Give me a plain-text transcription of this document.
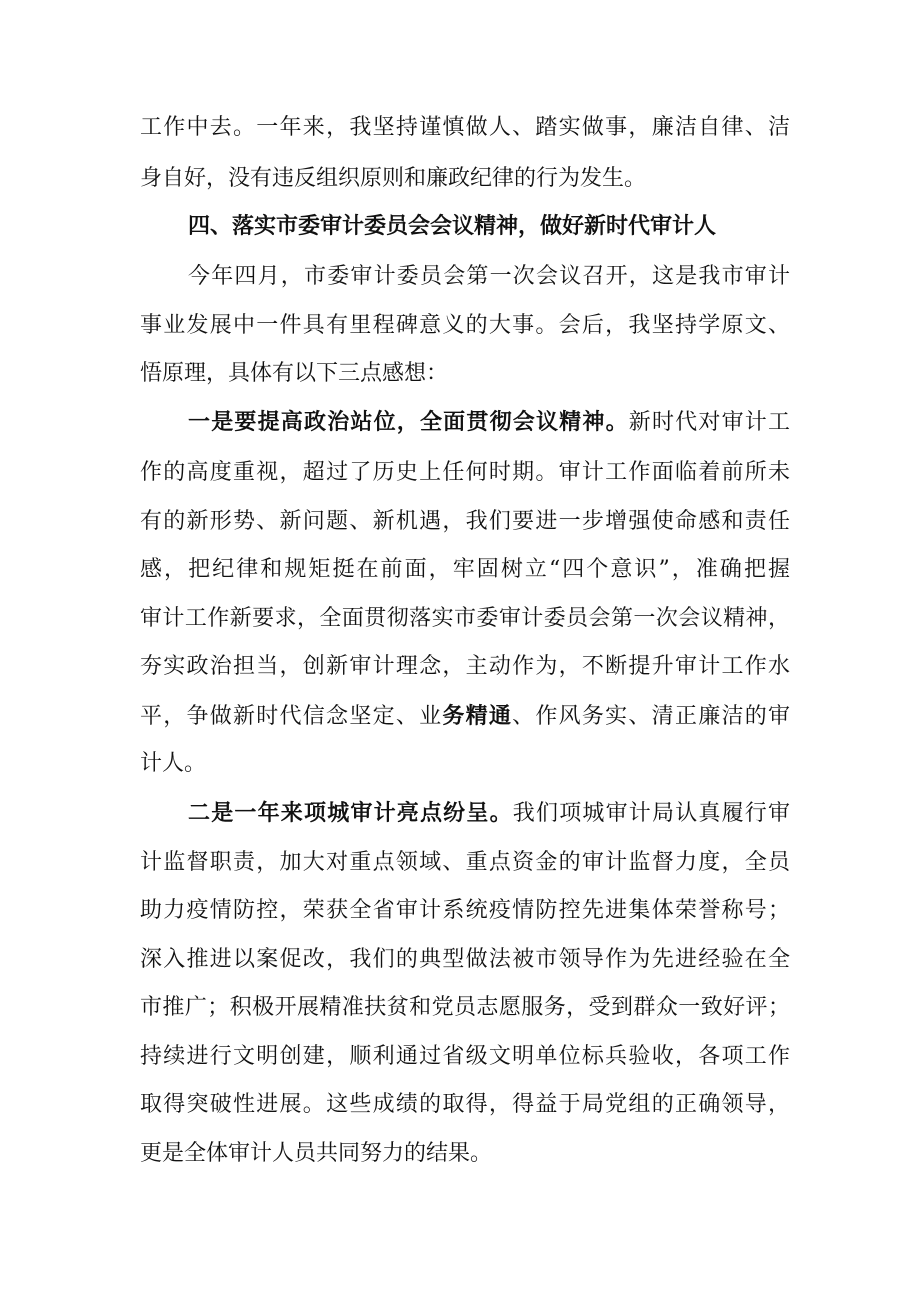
工作中去。一年来，我坚持谨慎做人、踏实做事，廉洁自律、洁
身自好，没有违反组织原则和廉政纪律的行为发生。
四、落实市委审计委员会会议精神，做好新时代审计人
今年四月，市委审计委员会第一次会议召开，这是我市审计
事业发展中一件具有里程碑意义的大事。会后，我坚持学原文、
悟原理，具体有以下三点感想：
一是要提高政治站位，全面贯彻会议精神。新时代对审计工
作的高度重视，超过了历史上任何时期。审计工作面临着前所未
有的新形势、新问题、新机遇，我们要进一步增强使命感和责任
感，把纪律和规矩挺在前面，牢固树立“四个意识”，准确把握
审计工作新要求，全面贯彻落实市委审计委员会第一次会议精神，
夯实政治担当，创新审计理念，主动作为，不断提升审计工作水
平，争做新时代信念坚定、业务精通、作风务实、清正廉洁的审
计人。
二是一年来项城审计亮点纷呈。我们项城审计局认真履行审
计监督职责，加大对重点领域、重点资金的审计监督力度，全员
助力疫情防控，荣获全省审计系统疫情防控先进集体荣誉称号；
深入推进以案促改，我们的典型做法被市领导作为先进经验在全
市推广；积极开展精准扶贫和党员志愿服务，受到群众一致好评；
持续进行文明创建，顺利通过省级文明单位标兵验收，各项工作
取得突破性进展。这些成绩的取得，得益于局党组的正确领导，
更是全体审计人员共同努力的结果。
